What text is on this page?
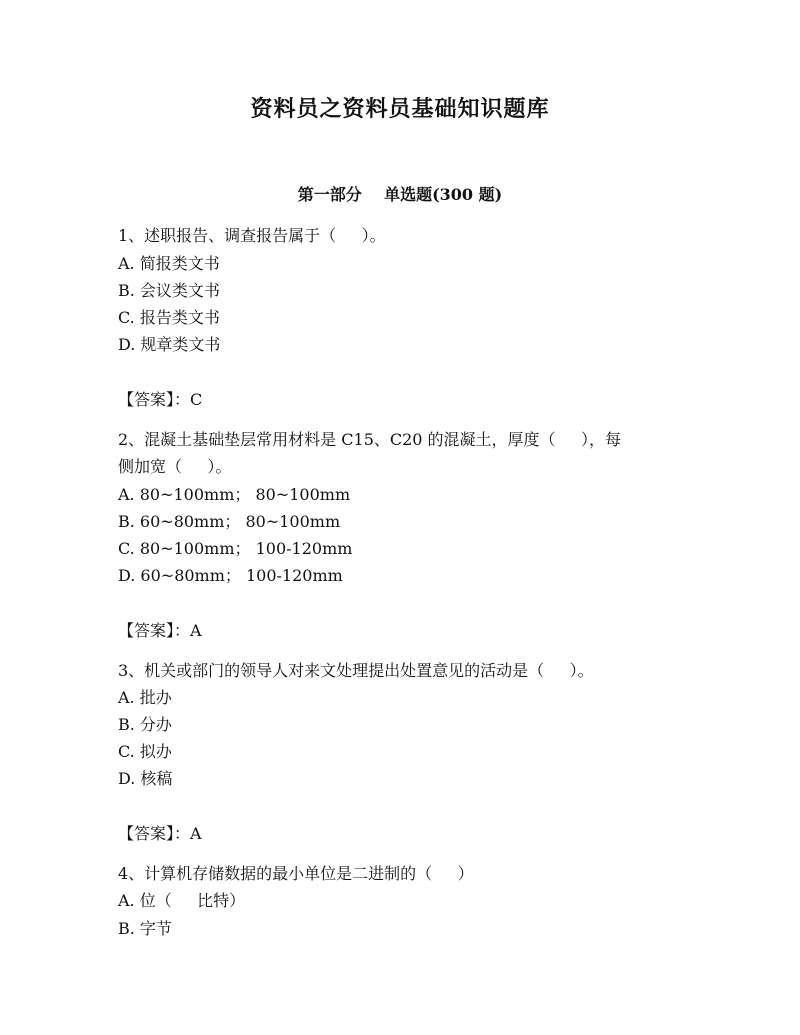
资料员之资料员基础知识题库
第一部分    单选题(300 题)
1、述职报告、调查报告属于（     ）。
A. 简报类文书
B. 会议类文书
C. 报告类文书
D. 规章类文书
【答案】：C
2、混凝土基础垫层常用材料是 C15、C20 的混凝土，厚度（     ），每
侧加宽（     ）。
A. 80~100mm； 80~100mm
B. 60~80mm； 80~100mm
C. 80~100mm； 100-120mm
D. 60~80mm； 100-120mm
【答案】：A
3、机关或部门的领导人对来文处理提出处置意见的活动是（     ）。
A. 批办
B. 分办
C. 拟办
D. 核稿
【答案】：A
4、计算机存储数据的最小单位是二进制的（     ）
A. 位（     比特）
B. 字节
